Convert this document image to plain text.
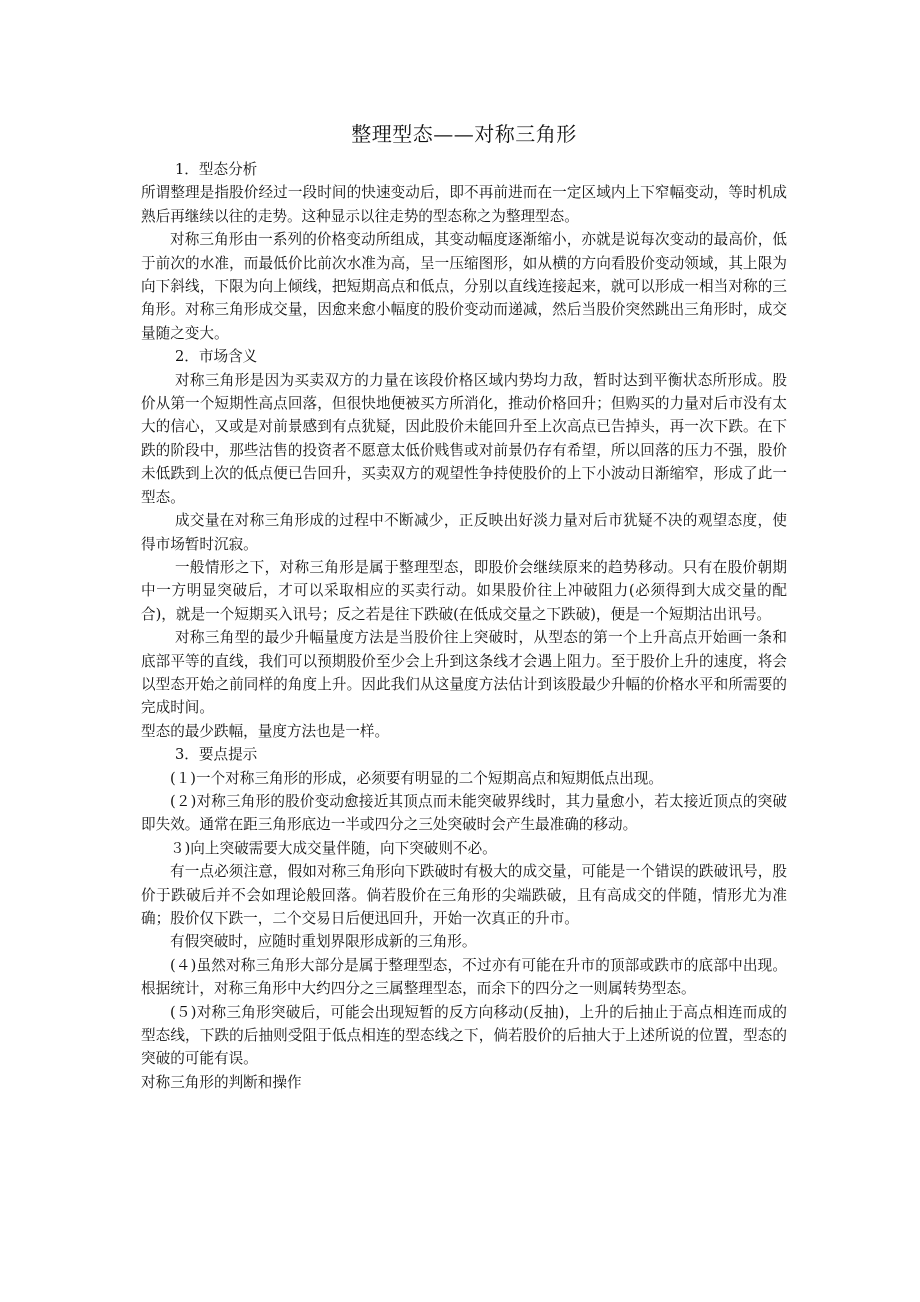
整理型态——对称三角形

1．型态分析

所谓整理是指股价经过一段时间的快速变动后，即不再前进而在一定区域内上下窄幅变动，等时机成熟后再继续以往的走势。这种显示以往走势的型态称之为整理型态。

对称三角形由一系列的价格变动所组成，其变动幅度逐渐缩小，亦就是说每次变动的最高价，低于前次的水准，而最低价比前次水准为高，呈一压缩图形，如从横的方向看股价变动领域，其上限为向下斜线，下限为向上倾线，把短期高点和低点，分别以直线连接起来，就可以形成一相当对称的三角形。对称三角形成交量，因愈来愈小幅度的股价变动而递减，然后当股价突然跳出三角形时，成交量随之变大。

2．市场含义

对称三角形是因为买卖双方的力量在该段价格区域内势均力敌，暂时达到平衡状态所形成。股价从第一个短期性高点回落，但很快地便被买方所消化，推动价格回升；但购买的力量对后市没有太大的信心，又或是对前景感到有点犹疑，因此股价未能回升至上次高点已告掉头，再一次下跌。在下跌的阶段中，那些沽售的投资者不愿意太低价贱售或对前景仍存有希望，所以回落的压力不强，股价未低跌到上次的低点便已告回升，买卖双方的观望性争持使股价的上下小波动日渐缩窄，形成了此一型态。

成交量在对称三角形成的过程中不断减少，正反映出好淡力量对后市犹疑不决的观望态度，使得市场暂时沉寂。

一般情形之下，对称三角形是属于整理型态，即股价会继续原来的趋势移动。只有在股价朝期中一方明显突破后，才可以采取相应的买卖行动。如果股价往上冲破阻力(必须得到大成交量的配合)，就是一个短期买入讯号；反之若是往下跌破(在低成交量之下跌破)，便是一个短期沽出讯号。

对称三角型的最少升幅量度方法是当股价往上突破时，从型态的第一个上升高点开始画一条和底部平等的直线，我们可以预期股价至少会上升到这条线才会遇上阻力。至于股价上升的速度，将会以型态开始之前同样的角度上升。因此我们从这量度方法估计到该股最少升幅的价格水平和所需要的完成时间。

型态的最少跌幅，量度方法也是一样。

3．要点提示

(１)一个对称三角形的形成，必须要有明显的二个短期高点和短期低点出现。

(２)对称三角形的股价变动愈接近其顶点而未能突破界线时，其力量愈小，若太接近顶点的突破即失效。通常在距三角形底边一半或四分之三处突破时会产生最准确的移动。

３)向上突破需要大成交量伴随，向下突破则不必。

有一点必须注意，假如对称三角形向下跌破时有极大的成交量，可能是一个错误的跌破讯号，股价于跌破后并不会如理论般回落。倘若股价在三角形的尖端跌破，且有高成交的伴随，情形尤为准确；股价仅下跌一，二个交易日后便迅回升，开始一次真正的升市。

有假突破时，应随时重划界限形成新的三角形。

(４)虽然对称三角形大部分是属于整理型态，不过亦有可能在升市的顶部或跌市的底部中出现。根据统计，对称三角形中大约四分之三属整理型态，而余下的四分之一则属转势型态。

(５)对称三角形突破后，可能会出现短暂的反方向移动(反抽)，上升的后抽止于高点相连而成的型态线，下跌的后抽则受阻于低点相连的型态线之下，倘若股价的后抽大于上述所说的位置，型态的突破的可能有误。

对称三角形的判断和操作
